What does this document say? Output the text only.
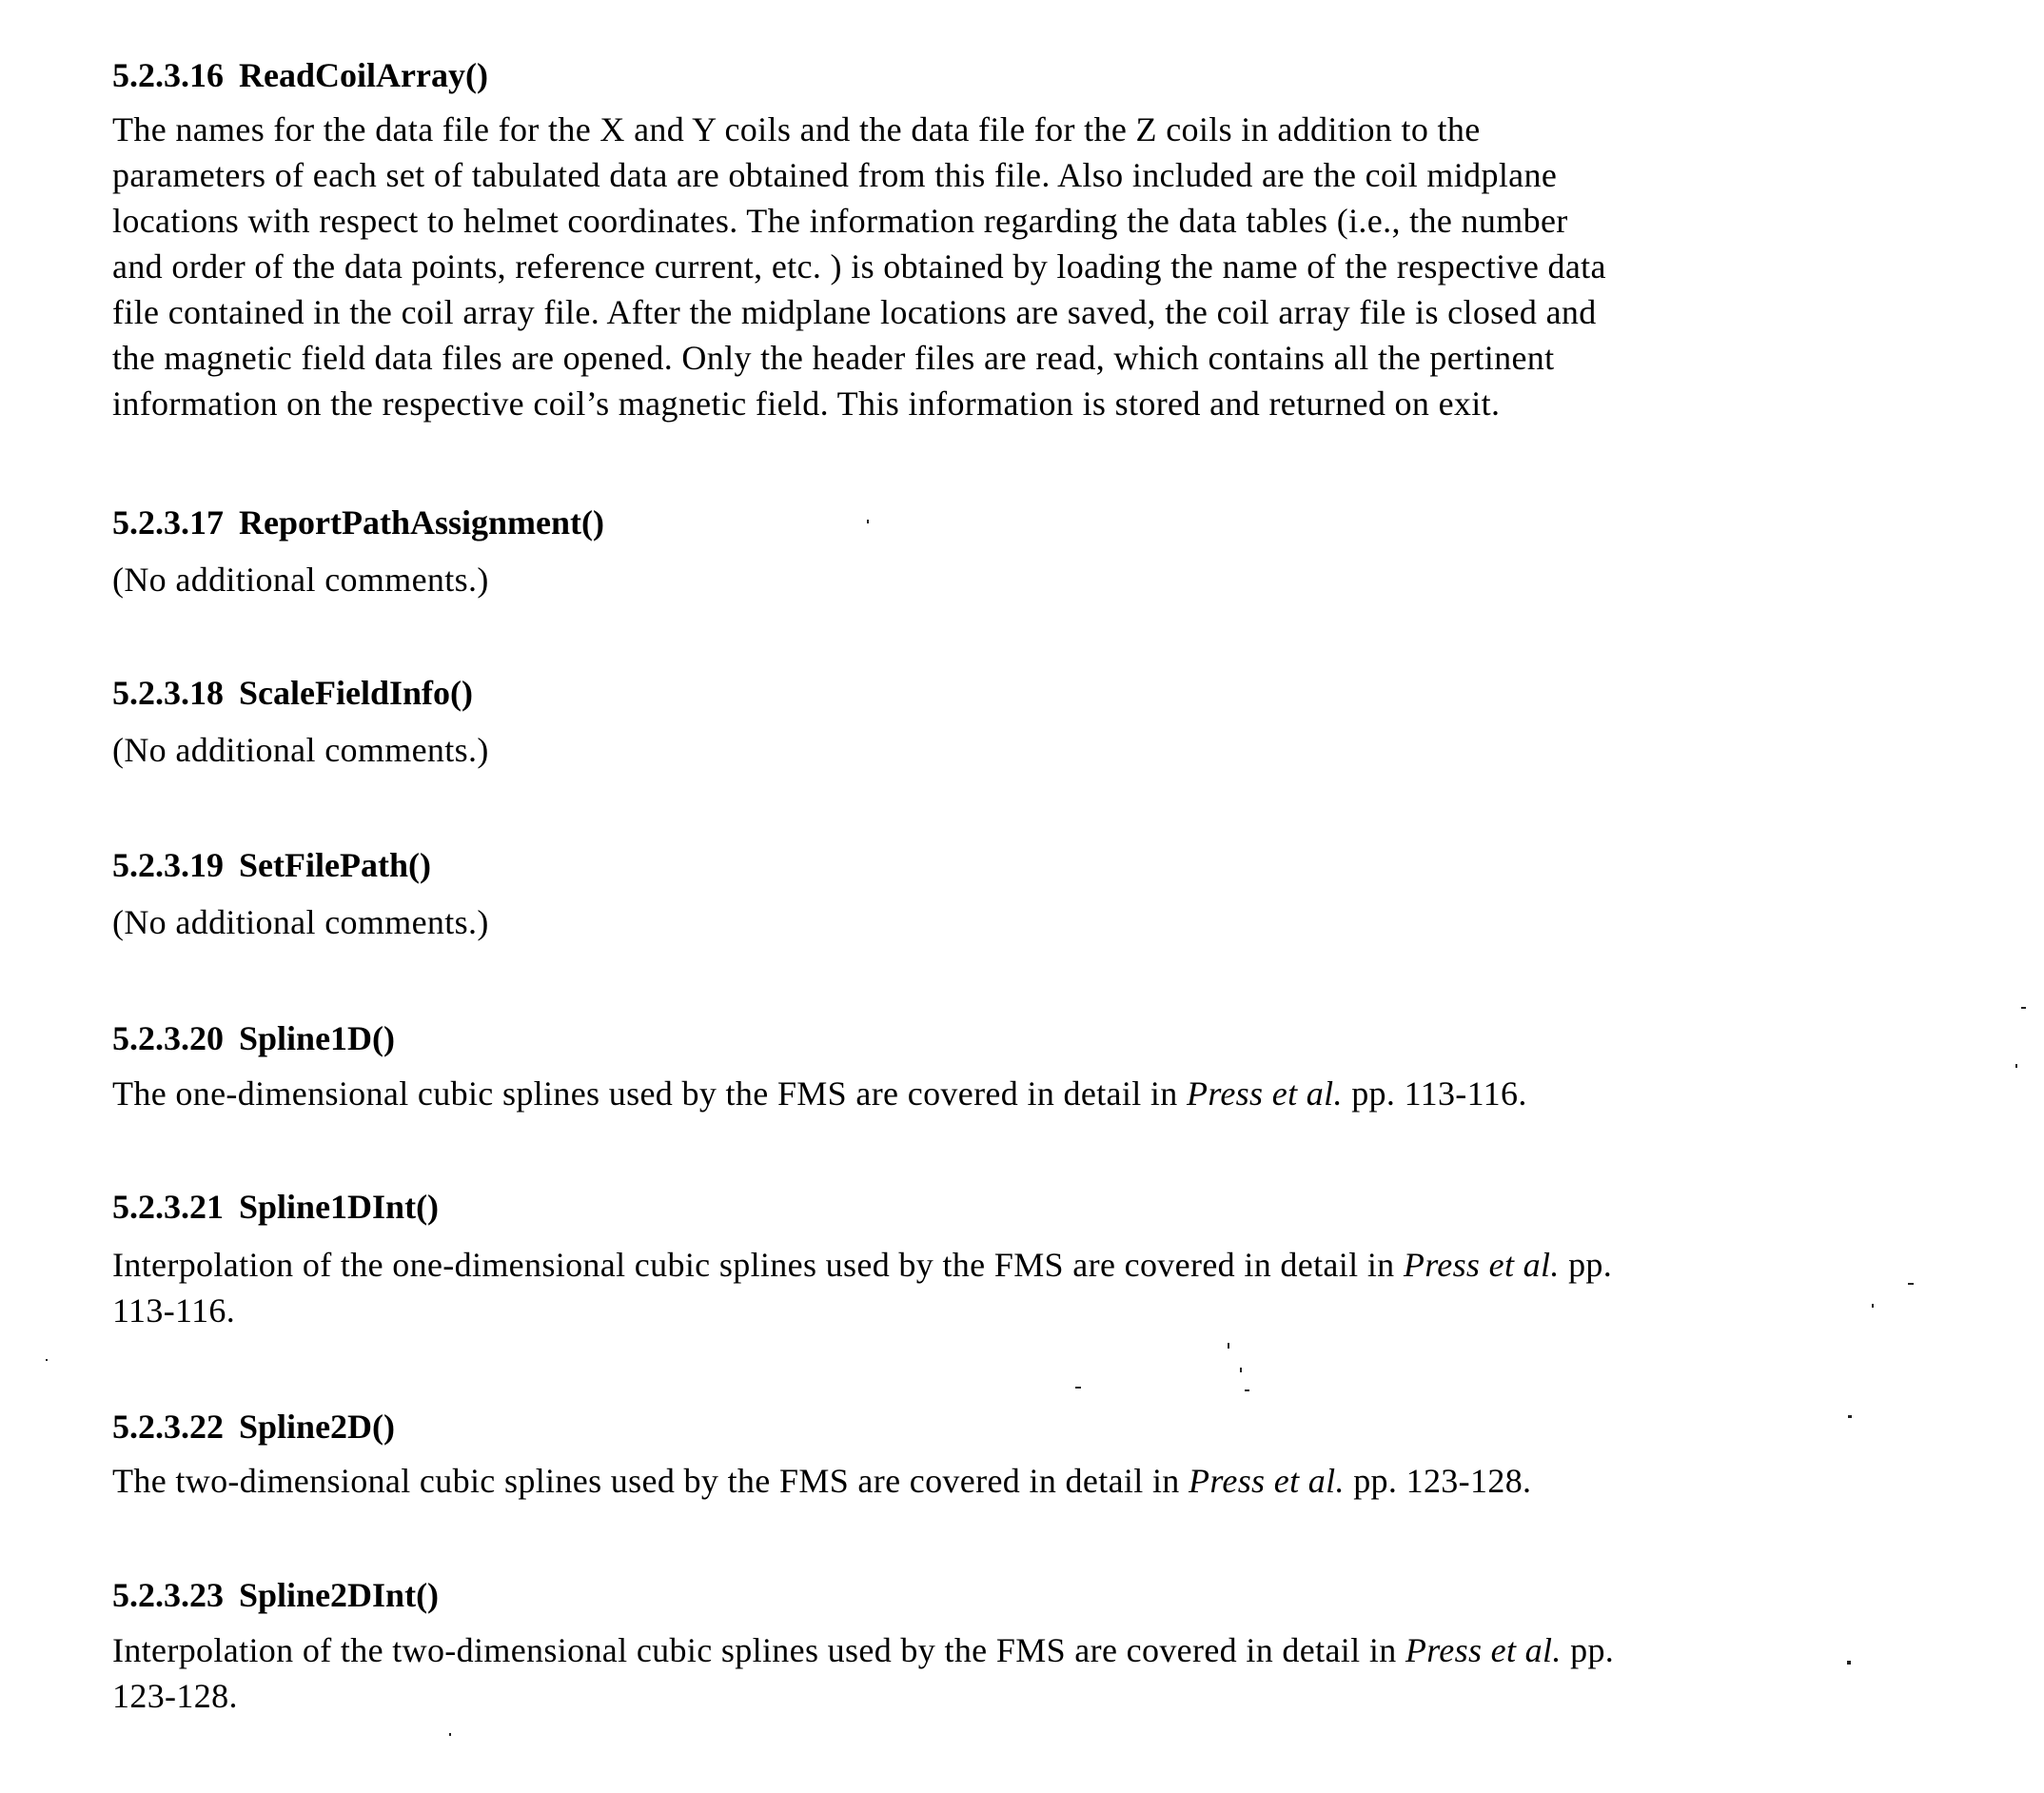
5.2.3.16 ReadCoilArray()
The names for the data file for the X and Y coils and the data file for the Z coils in addition to the
parameters of each set of tabulated data are obtained from this file. Also included are the coil midplane
locations with respect to helmet coordinates. The information regarding the data tables (i.e., the number
and order of the data points, reference current, etc. ) is obtained by loading the name of the respective data
file contained in the coil array file. After the midplane locations are saved, the coil array file is closed and
the magnetic field data files are opened. Only the header files are read, which contains all the pertinent
information on the respective coil’s magnetic field. This information is stored and returned on exit.
5.2.3.17 ReportPathAssignment()
(No additional comments.)
5.2.3.18 ScaleFieldInfo()
(No additional comments.)
5.2.3.19 SetFilePath()
(No additional comments.)
5.2.3.20 Spline1D()
The one-dimensional cubic splines used by the FMS are covered in detail in Press et al. pp. 113-116.
5.2.3.21 Spline1DInt()
Interpolation of the one-dimensional cubic splines used by the FMS are covered in detail in Press et al. pp.
113-116.
5.2.3.22 Spline2D()
The two-dimensional cubic splines used by the FMS are covered in detail in Press et al. pp. 123-128.
5.2.3.23 Spline2DInt()
Interpolation of the two-dimensional cubic splines used by the FMS are covered in detail in Press et al. pp.
123-128.
